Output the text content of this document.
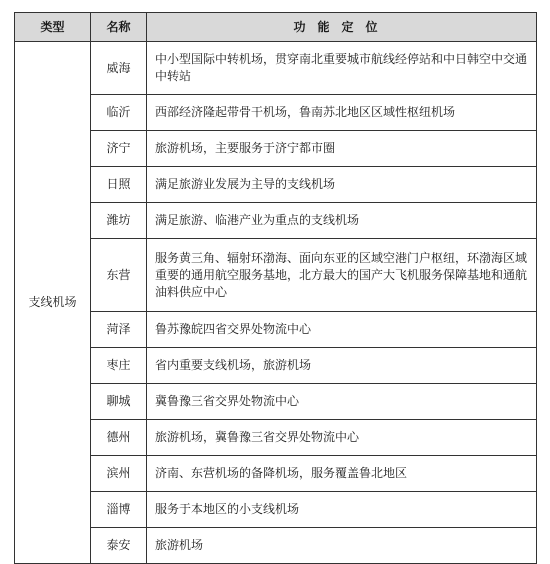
类型	名称	功能定位
支线机场	威海	中小型国际中转机场，贯穿南北重要城市航线经停站和中日韩空中交通中转站
	临沂	西部经济隆起带骨干机场，鲁南苏北地区区域性枢纽机场
	济宁	旅游机场，主要服务于济宁都市圈
	日照	满足旅游业发展为主导的支线机场
	潍坊	满足旅游、临港产业为重点的支线机场
	东营	服务黄三角、辐射环渤海、面向东亚的区域空港门户枢纽，环渤海区域重要的通用航空服务基地，北方最大的国产大飞机服务保障基地和通航油料供应中心
	菏泽	鲁苏豫皖四省交界处物流中心
	枣庄	省内重要支线机场，旅游机场
	聊城	冀鲁豫三省交界处物流中心
	德州	旅游机场，冀鲁豫三省交界处物流中心
	滨州	济南、东营机场的备降机场，服务覆盖鲁北地区
	淄博	服务于本地区的小支线机场
	泰安	旅游机场
